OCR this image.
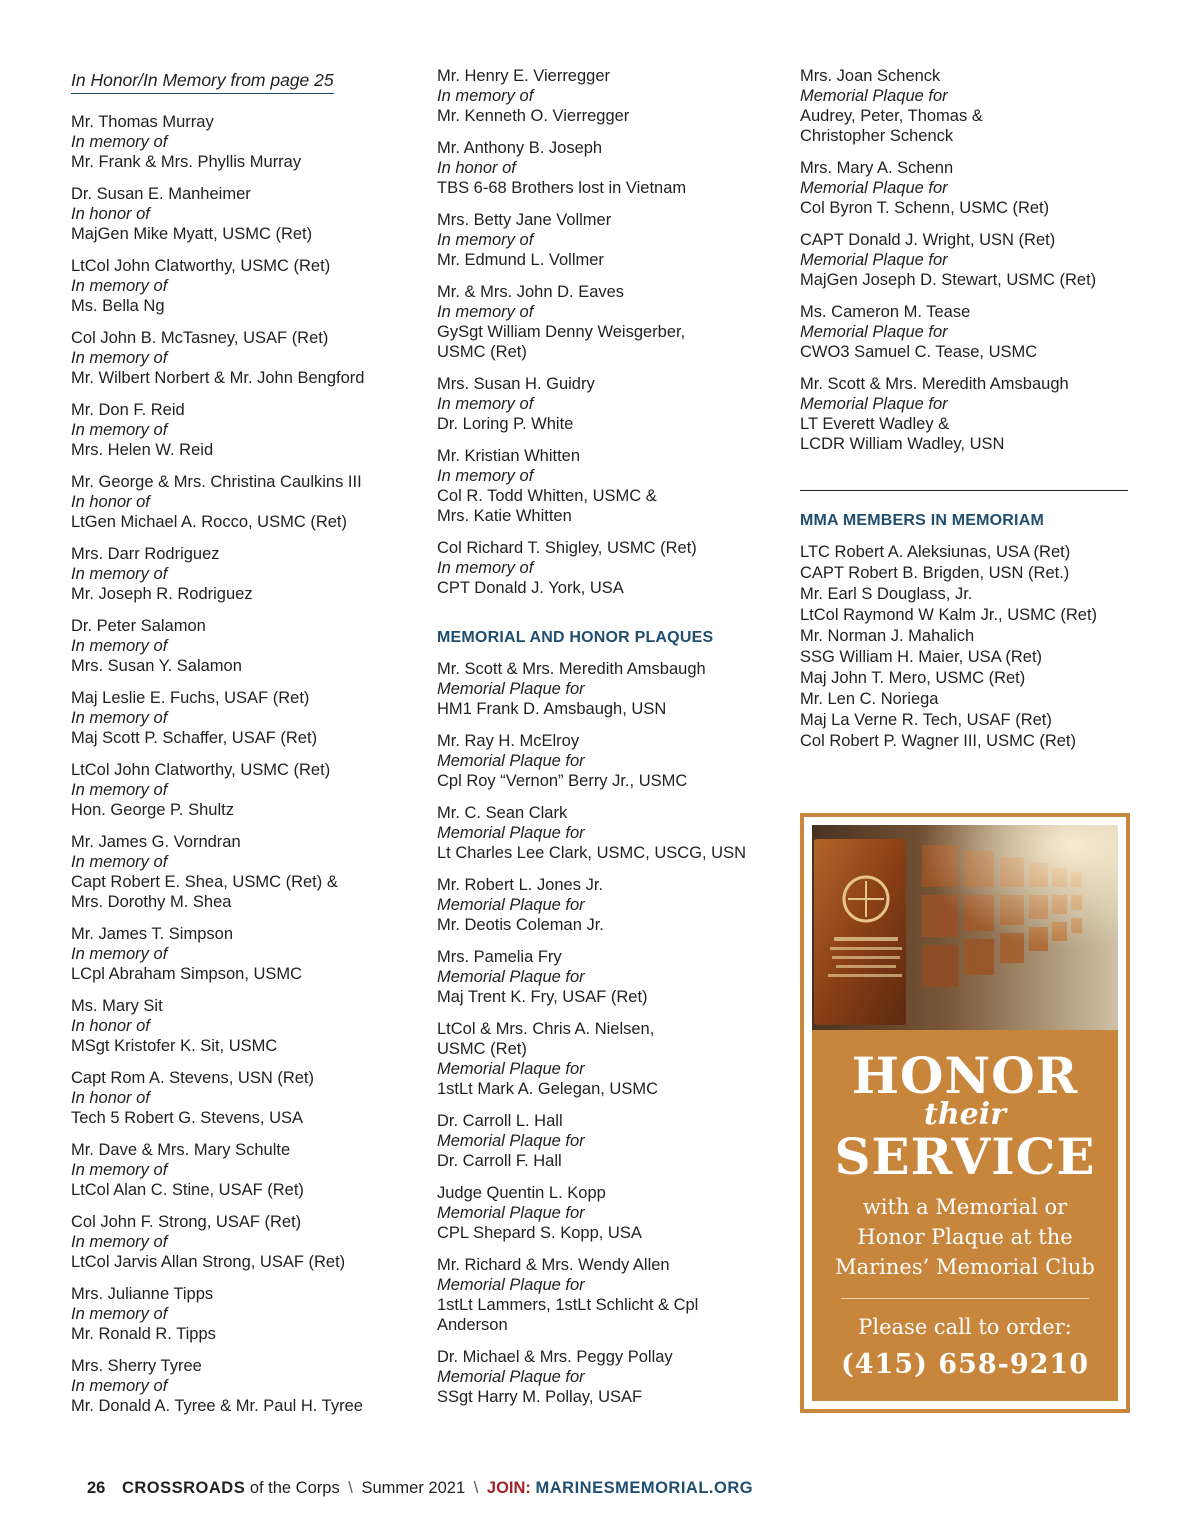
In Honor/In Memory from page 25
Mr. Thomas Murray
In memory of
Mr. Frank & Mrs. Phyllis Murray
Dr. Susan E. Manheimer
In honor of
MajGen Mike Myatt, USMC (Ret)
LtCol John Clatworthy, USMC (Ret)
In memory of
Ms. Bella Ng
Col John B. McTasney, USAF (Ret)
In memory of
Mr. Wilbert Norbert & Mr. John Bengford
Mr. Don F. Reid
In memory of
Mrs. Helen W. Reid
Mr. George & Mrs. Christina Caulkins III
In honor of
LtGen Michael A. Rocco, USMC (Ret)
Mrs. Darr Rodriguez
In memory of
Mr. Joseph R. Rodriguez
Dr. Peter Salamon
In memory of
Mrs. Susan Y. Salamon
Maj Leslie E. Fuchs, USAF (Ret)
In memory of
Maj Scott P. Schaffer, USAF (Ret)
LtCol John Clatworthy, USMC (Ret)
In memory of
Hon. George P. Shultz
Mr. James G. Vorndran
In memory of
Capt Robert E. Shea, USMC (Ret) &
Mrs. Dorothy M. Shea
Mr. James T. Simpson
In memory of
LCpl Abraham Simpson, USMC
Ms. Mary Sit
In honor of
MSgt Kristofer K. Sit, USMC
Capt Rom A. Stevens, USN (Ret)
In honor of
Tech 5 Robert G. Stevens, USA
Mr. Dave & Mrs. Mary Schulte
In memory of
LtCol Alan C. Stine, USAF (Ret)
Col John F. Strong, USAF (Ret)
In memory of
LtCol Jarvis Allan Strong, USAF (Ret)
Mrs. Julianne Tipps
In memory of
Mr. Ronald R. Tipps
Mrs. Sherry Tyree
In memory of
Mr. Donald A. Tyree & Mr. Paul H. Tyree
Mr. Henry E. Vierregger
In memory of
Mr. Kenneth O. Vierregger
Mr. Anthony B. Joseph
In honor of
TBS 6-68 Brothers lost in Vietnam
Mrs. Betty Jane Vollmer
In memory of
Mr. Edmund L. Vollmer
Mr. & Mrs. John D. Eaves
In memory of
GySgt William Denny Weisgerber,
USMC (Ret)
Mrs. Susan H. Guidry
In memory of
Dr. Loring P. White
Mr. Kristian Whitten
In memory of
Col R. Todd Whitten, USMC &
Mrs. Katie Whitten
Col Richard T. Shigley, USMC (Ret)
In memory of
CPT Donald J. York, USA
MEMORIAL AND HONOR PLAQUES
Mr. Scott & Mrs. Meredith Amsbaugh
Memorial Plaque for
HM1 Frank D. Amsbaugh, USN
Mr. Ray H. McElroy
Memorial Plaque for
Cpl Roy “Vernon” Berry Jr., USMC
Mr. C. Sean Clark
Memorial Plaque for
Lt Charles Lee Clark, USMC, USCG, USN
Mr. Robert L. Jones Jr.
Memorial Plaque for
Mr. Deotis Coleman Jr.
Mrs. Pamelia Fry
Memorial Plaque for
Maj Trent K. Fry, USAF (Ret)
LtCol & Mrs. Chris A. Nielsen,
USMC (Ret)
Memorial Plaque for
1stLt Mark A. Gelegan, USMC
Dr. Carroll L. Hall
Memorial Plaque for
Dr. Carroll F. Hall
Judge Quentin L. Kopp
Memorial Plaque for
CPL Shepard S. Kopp, USA
Mr. Richard & Mrs. Wendy Allen
Memorial Plaque for
1stLt Lammers, 1stLt Schlicht & Cpl
Anderson
Dr. Michael & Mrs. Peggy Pollay
Memorial Plaque for
SSgt Harry M. Pollay, USAF
Mrs. Joan Schenck
Memorial Plaque for
Audrey, Peter, Thomas &
Christopher Schenck
Mrs. Mary A. Schenn
Memorial Plaque for
Col Byron T. Schenn, USMC (Ret)
CAPT Donald J. Wright, USN (Ret)
Memorial Plaque for
MajGen Joseph D. Stewart, USMC (Ret)
Ms. Cameron M. Tease
Memorial Plaque for
CWO3 Samuel C. Tease, USMC
Mr. Scott & Mrs. Meredith Amsbaugh
Memorial Plaque for
LT Everett Wadley &
LCDR William Wadley, USN
MMA MEMBERS IN MEMORIAM
LTC Robert A. Aleksiunas, USA (Ret)
CAPT Robert B. Brigden, USN (Ret.)
Mr. Earl S Douglass, Jr.
LtCol Raymond W Kalm Jr., USMC (Ret)
Mr. Norman J. Mahalich
SSG William H. Maier, USA (Ret)
Maj John T. Mero, USMC (Ret)
Mr. Len C. Noriega
Maj La Verne R. Tech, USAF (Ret)
Col Robert P. Wagner III, USMC (Ret)
HONOR
their
SERVICE
with a Memorial or Honor Plaque at the Marines’ Memorial Club
Please call to order:
(415) 658-9210
26 CROSSROADS of the Corps \ Summer 2021 \ JOIN: MARINESMEMORIAL.ORG
